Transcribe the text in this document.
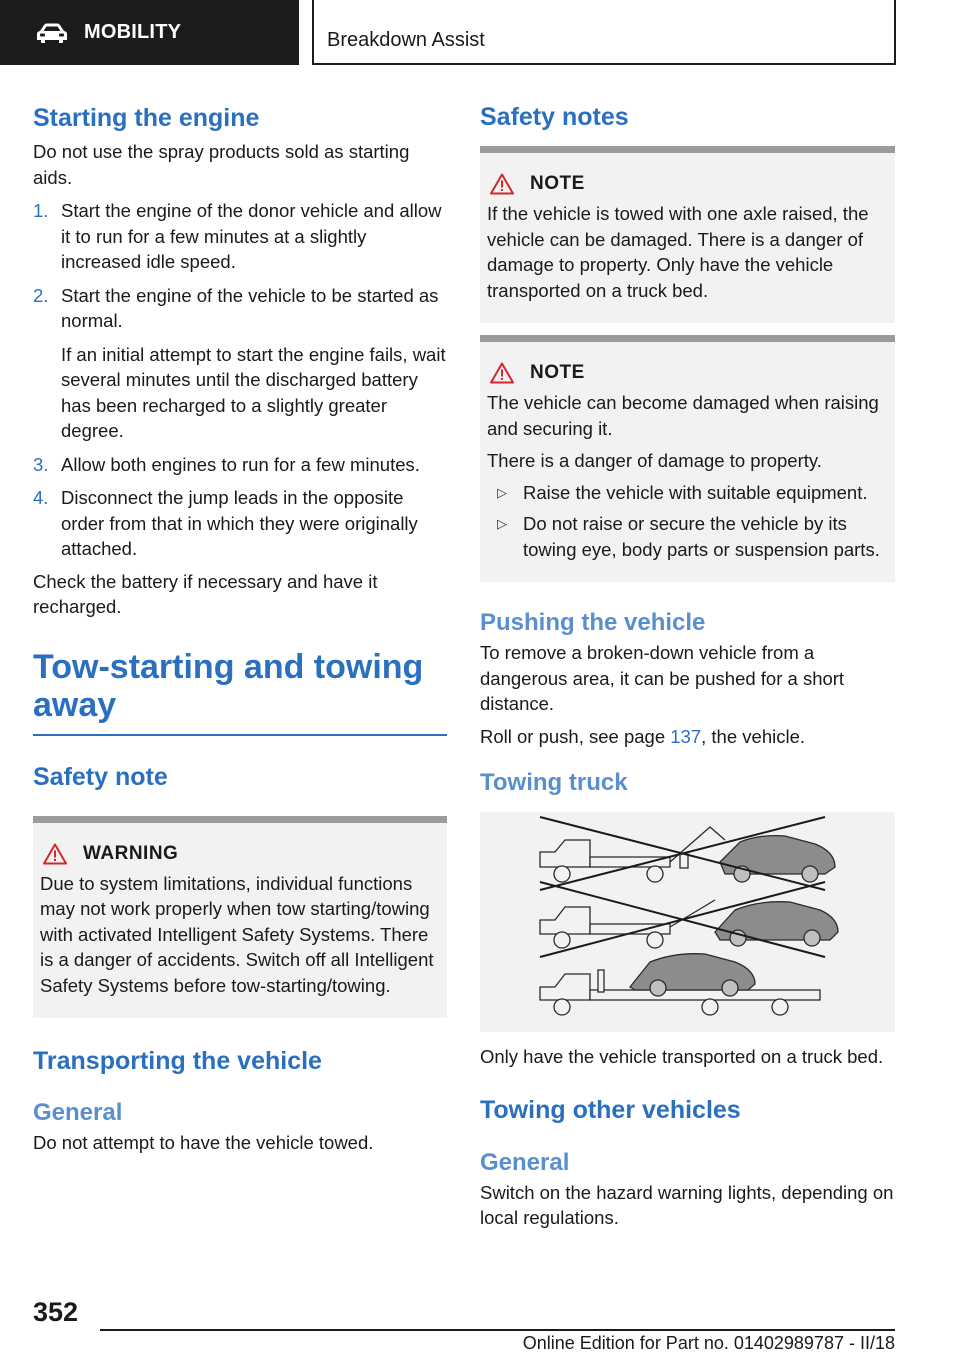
MOBILITY	Breakdown Assist
Starting the engine
Do not use the spray products sold as starting aids.
1. Start the engine of the donor vehicle and allow it to run for a few minutes at a slightly increased idle speed.
2. Start the engine of the vehicle to be started as normal.
If an initial attempt to start the engine fails, wait several minutes until the discharged battery has been recharged to a slightly greater degree.
3. Allow both engines to run for a few minutes.
4. Disconnect the jump leads in the opposite order from that in which they were originally attached.
Check the battery if necessary and have it recharged.
Tow-starting and towing away
Safety note
WARNING
Due to system limitations, individual functions may not work properly when tow starting/towing with activated Intelligent Safety Systems. There is a danger of accidents. Switch off all Intelligent Safety Systems before tow-starting/towing.
Transporting the vehicle
General
Do not attempt to have the vehicle towed.
Safety notes
NOTE
If the vehicle is towed with one axle raised, the vehicle can be damaged. There is a danger of damage to property. Only have the vehicle transported on a truck bed.
NOTE
The vehicle can become damaged when raising and securing it.
There is a danger of damage to property.
▷ Raise the vehicle with suitable equipment.
▷ Do not raise or secure the vehicle by its towing eye, body parts or suspension parts.
Pushing the vehicle
To remove a broken-down vehicle from a dangerous area, it can be pushed for a short distance.
Roll or push, see page 137, the vehicle.
Towing truck
Only have the vehicle transported on a truck bed.
Towing other vehicles
General
Switch on the hazard warning lights, depending on local regulations.
352
Online Edition for Part no. 01402989787 - II/18
